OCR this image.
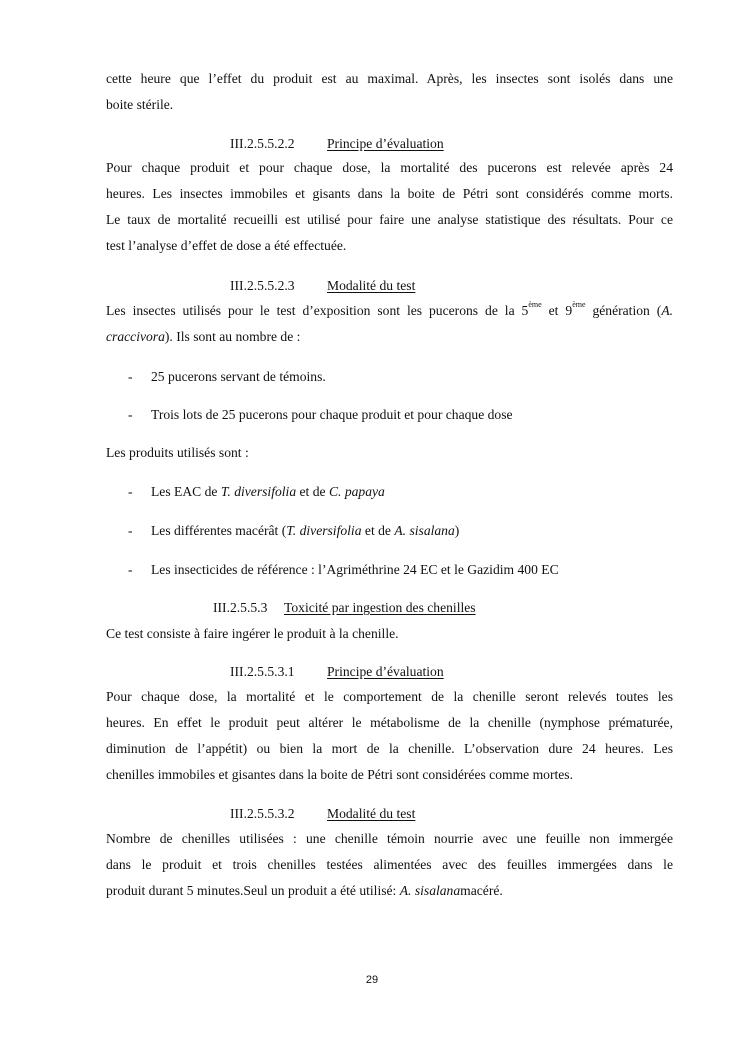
cette heure que l’effet du produit est au maximal. Après, les insectes sont isolés dans une
boite stérile.
III.2.5.5.2.2 Principe d’évaluation
Pour chaque produit et pour chaque dose, la mortalité des pucerons est relevée après 24
heures. Les insectes immobiles et gisants dans la boite de Pétri sont considérés comme morts.
Le taux de mortalité recueilli est utilisé pour faire une analyse statistique des résultats. Pour ce
test l’analyse d’effet de dose a été effectuée.
III.2.5.5.2.3 Modalité du test
Les insectes utilisés pour le test d’exposition sont les pucerons de la 5ème et 9ème génération (A.
craccivora). Ils sont au nombre de :
- 25 pucerons servant de témoins.
- Trois lots de 25 pucerons pour chaque produit et pour chaque dose
Les produits utilisés sont :
- Les EAC de T. diversifolia et de C. papaya
- Les différentes macérât (T. diversifolia et de A. sisalana)
- Les insecticides de référence : l’Agriméthrine 24 EC et le Gazidim 400 EC
III.2.5.5.3 Toxicité par ingestion des chenilles
Ce test consiste à faire ingérer le produit à la chenille.
III.2.5.5.3.1 Principe d’évaluation
Pour chaque dose, la mortalité et le comportement de la chenille seront relevés toutes les
heures. En effet le produit peut altérer le métabolisme de la chenille (nymphose prématurée,
diminution de l’appétit) ou bien la mort de la chenille. L’observation dure 24 heures. Les
chenilles immobiles et gisantes dans la boite de Pétri sont considérées comme mortes.
III.2.5.5.3.2 Modalité du test
Nombre de chenilles utilisées : une chenille témoin nourrie avec une feuille non immergée
dans le produit et trois chenilles testées alimentées avec des feuilles immergées dans le
produit durant 5 minutes.Seul un produit a été utilisé: A. sisalanamacéré.
29
